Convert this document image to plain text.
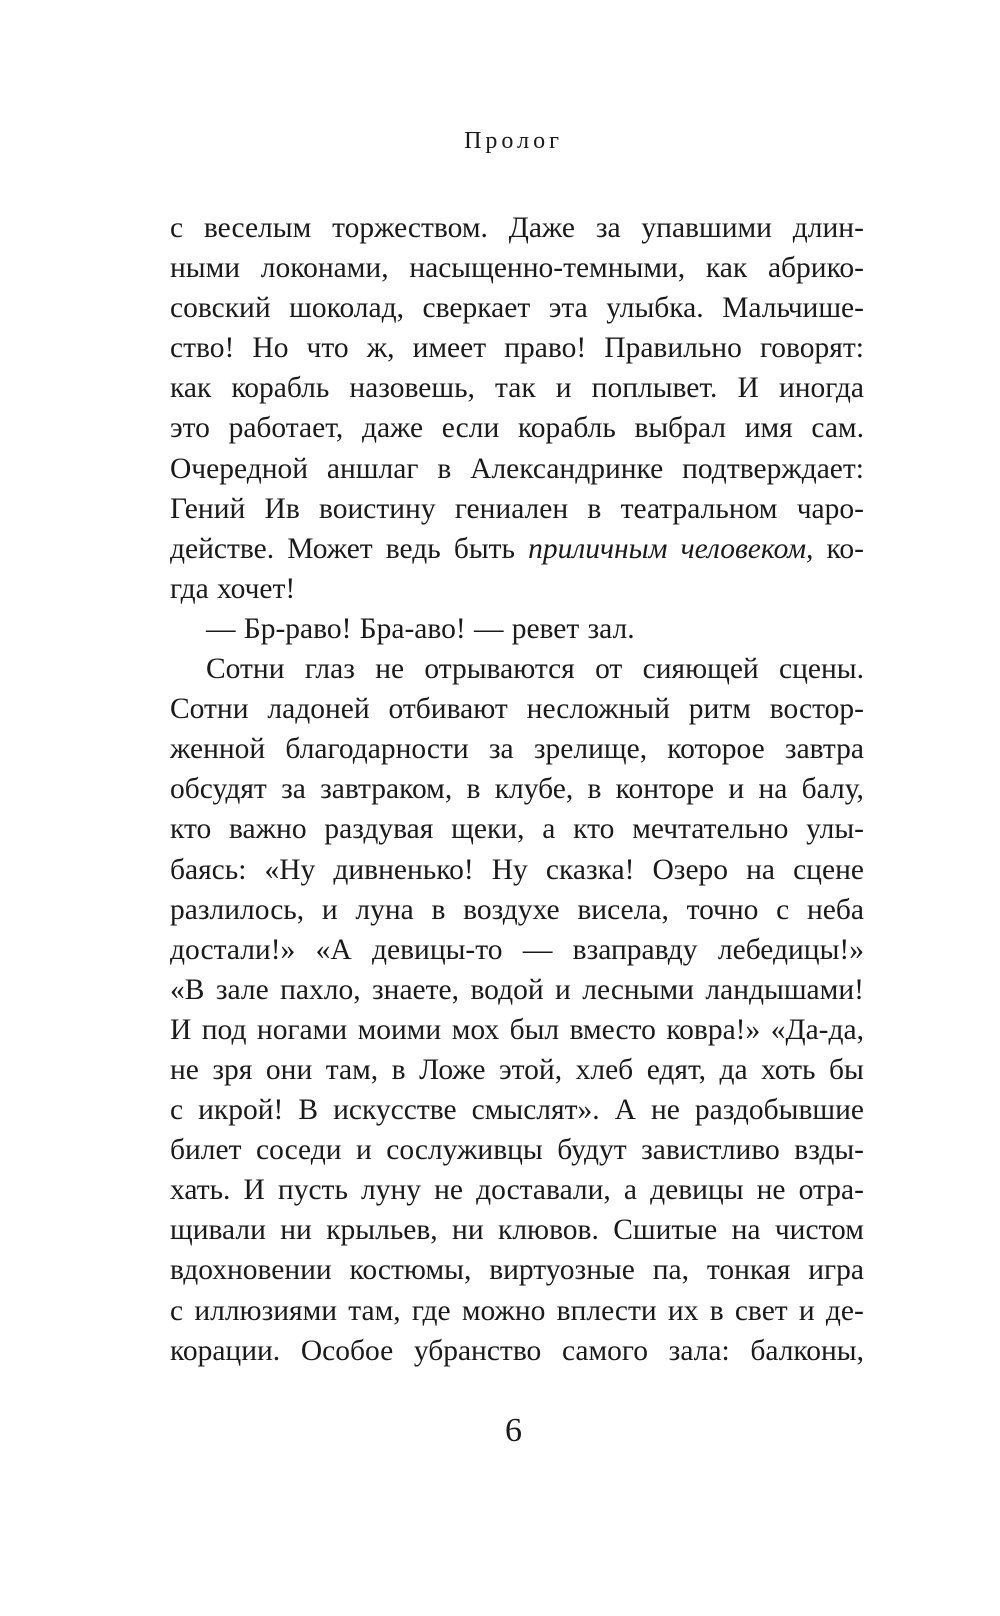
Пролог
с веселым торжеством. Даже за упавшими длин-
ными локонами, насыщенно-темными, как абрико-
совский шоколад, сверкает эта улыбка. Мальчише-
ство! Но что ж, имеет право! Правильно говорят:
как корабль назовешь, так и поплывет. И иногда
это работает, даже если корабль выбрал имя сам.
Очередной аншлаг в Александринке подтверждает:
Гений Ив воистину гениален в театральном чаро-
действе. Может ведь быть приличным человеком, ко-
гда хочет!
— Бр-раво! Бра-аво! — ревет зал.
Сотни глаз не отрываются от сияющей сцены.
Сотни ладоней отбивают несложный ритм востор-
женной благодарности за зрелище, которое завтра
обсудят за завтраком, в клубе, в конторе и на балу,
кто важно раздувая щеки, а кто мечтательно улы-
баясь: «Ну дивненько! Ну сказка! Озеро на сцене
разлилось, и луна в воздухе висела, точно с неба
достали!» «А девицы-то — взаправду лебедицы!»
«В зале пахло, знаете, водой и лесными ландышами!
И под ногами моими мох был вместо ковра!» «Да-да,
не зря они там, в Ложе этой, хлеб едят, да хоть бы
с икрой! В искусстве смыслят». А не раздобывшие
билет соседи и сослуживцы будут завистливо взды-
хать. И пусть луну не доставали, а девицы не отра-
щивали ни крыльев, ни клювов. Сшитые на чистом
вдохновении костюмы, виртуозные па, тонкая игра
с иллюзиями там, где можно вплести их в свет и де-
корации. Особое убранство самого зала: балконы,
6
